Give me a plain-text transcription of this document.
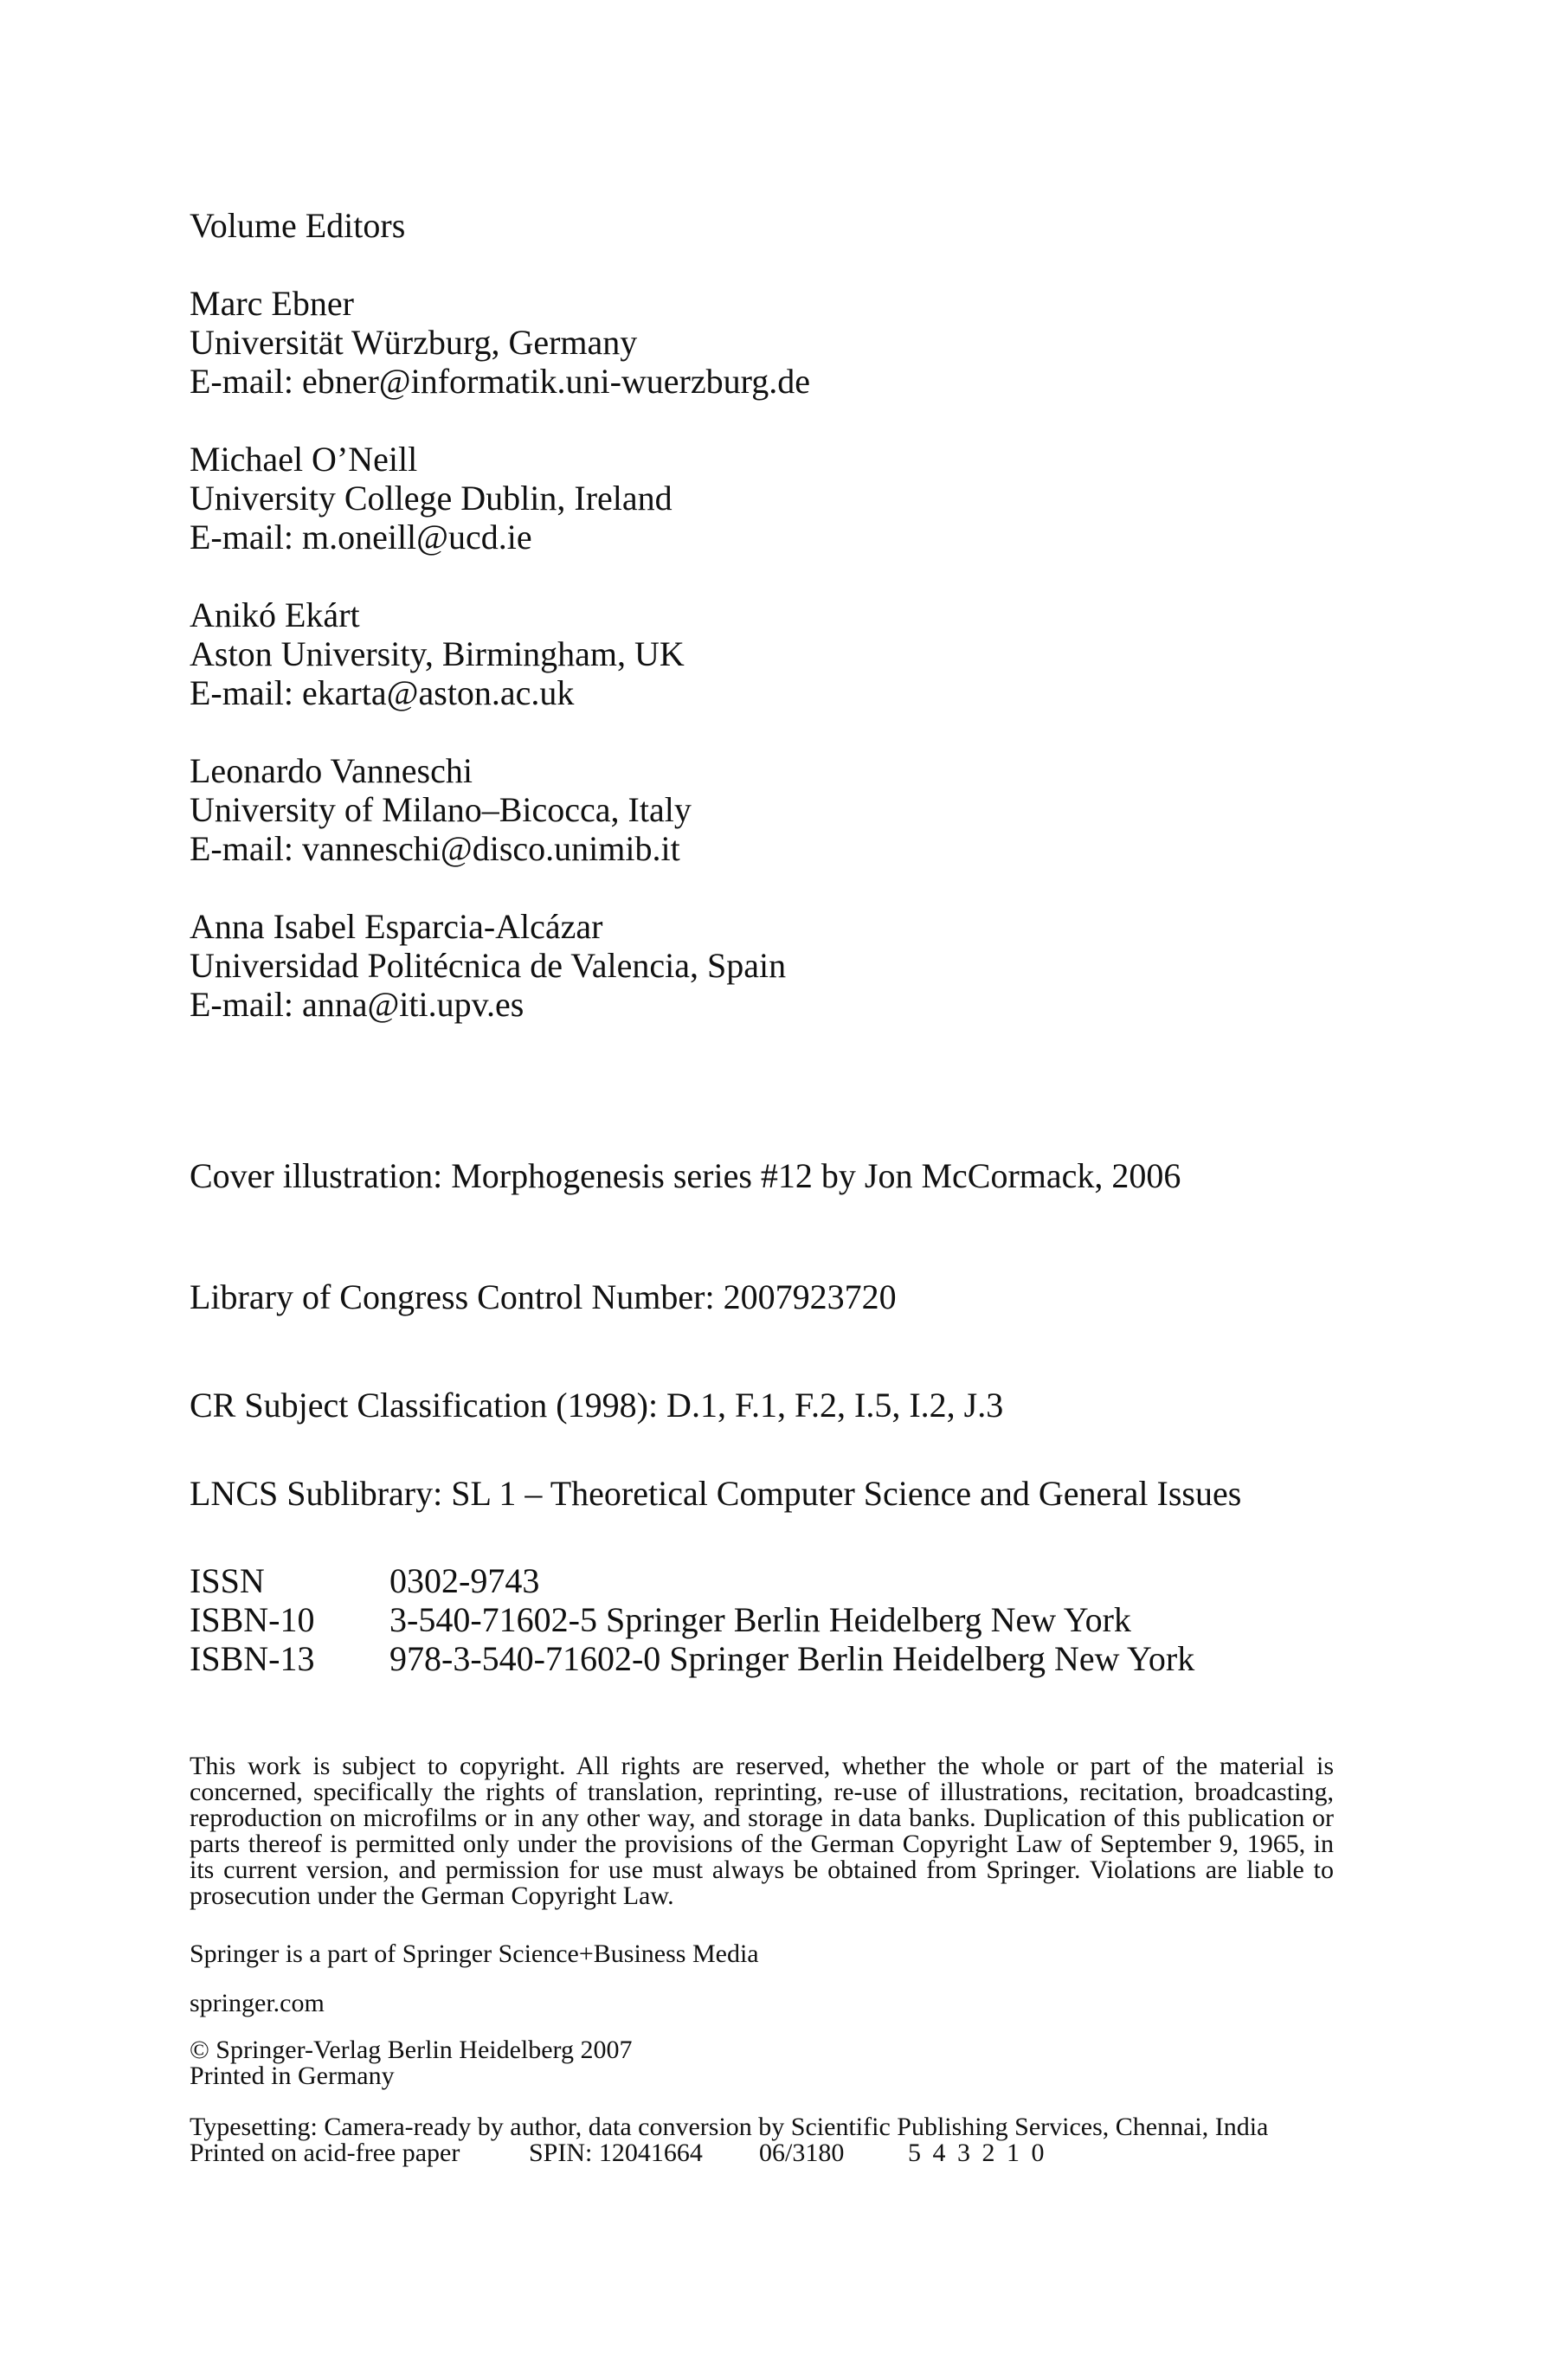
Volume Editors
Marc Ebner
Universität Würzburg, Germany
E-mail: ebner@informatik.uni-wuerzburg.de
Michael O’Neill
University College Dublin, Ireland
E-mail: m.oneill@ucd.ie
Anikó Ekárt
Aston University, Birmingham, UK
E-mail: ekarta@aston.ac.uk
Leonardo Vanneschi
University of Milano–Bicocca, Italy
E-mail: vanneschi@disco.unimib.it
Anna Isabel Esparcia-Alcázar
Universidad Politécnica de Valencia, Spain
E-mail: anna@iti.upv.es
Cover illustration: Morphogenesis series #12 by Jon McCormack, 2006
Library of Congress Control Number: 2007923720
CR Subject Classification (1998): D.1, F.1, F.2, I.5, I.2, J.3
LNCS Sublibrary: SL 1 – Theoretical Computer Science and General Issues
ISSN	0302-9743
ISBN-10	3-540-71602-5 Springer Berlin Heidelberg New York
ISBN-13	978-3-540-71602-0 Springer Berlin Heidelberg New York
This work is subject to copyright. All rights are reserved, whether the whole or part of the material is concerned, specifically the rights of translation, reprinting, re-use of illustrations, recitation, broadcasting, reproduction on microfilms or in any other way, and storage in data banks. Duplication of this publication or parts thereof is permitted only under the provisions of the German Copyright Law of September 9, 1965, in its current version, and permission for use must always be obtained from Springer. Violations are liable to prosecution under the German Copyright Law.
Springer is a part of Springer Science+Business Media
springer.com
© Springer-Verlag Berlin Heidelberg 2007
Printed in Germany
Typesetting: Camera-ready by author, data conversion by Scientific Publishing Services, Chennai, India
Printed on acid-free paper	SPIN: 12041664	06/3180	5 4 3 2 1 0
